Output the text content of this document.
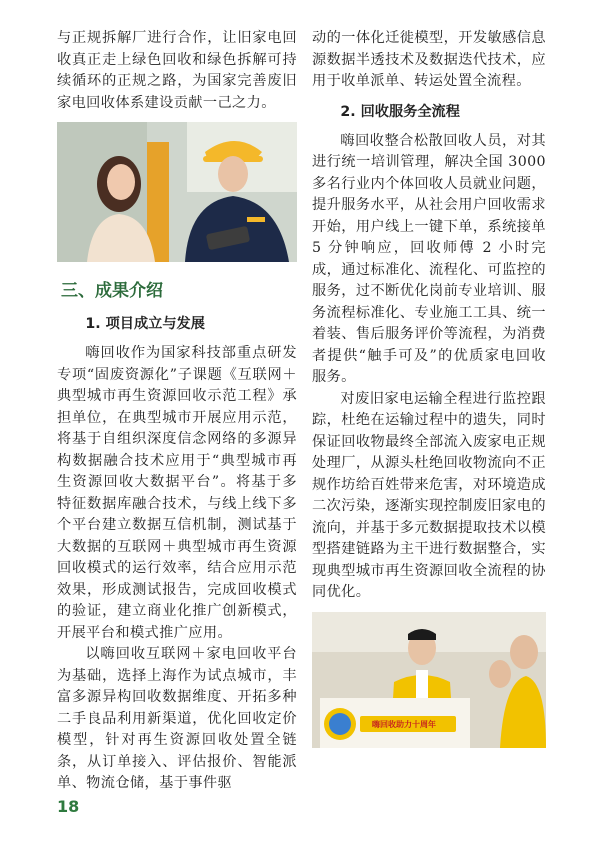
与正规拆解厂进行合作，让旧家电回收真正走上绿色回收和绿色拆解可持续循环的正规之路，为国家完善废旧家电回收体系建设贡献一己之力。

三、成果介绍
1. 项目成立与发展

嗨回收作为国家科技部重点研发专项“固废资源化”子课题《互联网＋典型城市再生资源回收示范工程》承担单位，在典型城市开展应用示范，将基于自组织深度信念网络的多源异构数据融合技术应用于“典型城市再生资源回收大数据平台”。将基于多特征数据库融合技术，与线上线下多个平台建立数据互信机制，测试基于大数据的互联网＋典型城市再生资源回收模式的运行效率，结合应用示范效果，形成测试报告，完成回收模式的验证，建立商业化推广创新模式，开展平台和模式推广应用。

以嗨回收互联网＋家电回收平台为基础，选择上海作为试点城市，丰富多源异构回收数据维度、开拓多种二手良品利用新渠道，优化回收定价模型，针对再生资源回收处置全链条，从订单接入、评估报价、智能派单、物流仓储，基于事件驱

动的一体化迁徙模型，开发敏感信息源数据半透技术及数据迭代技术，应用于收单派单、转运处置全流程。

2. 回收服务全流程

嗨回收整合松散回收人员，对其进行统一培训管理，解决全国 3000 多名行业内个体回收人员就业问题，提升服务水平，从社会用户回收需求开始，用户线上一键下单，系统接单 5 分钟响应，回收师傅 2 小时完成，通过标准化、流程化、可监控的服务，过不断优化岗前专业培训、服务流程标准化、专业施工工具、统一着装、售后服务评价等流程，为消费者提供“触手可及”的优质家电回收服务。

对废旧家电运输全程进行监控跟踪，杜绝在运输过程中的遗失，同时保证回收物最终全部流入废家电正规处理厂，从源头杜绝回收物流向不正规作坊给百姓带来危害，对环境造成二次污染，逐渐实现控制废旧家电的流向，并基于多元数据提取技术以模型搭建链路为主干进行数据整合，实现典型城市再生资源回收全流程的协同优化。

嗨回收助力十周年
18
